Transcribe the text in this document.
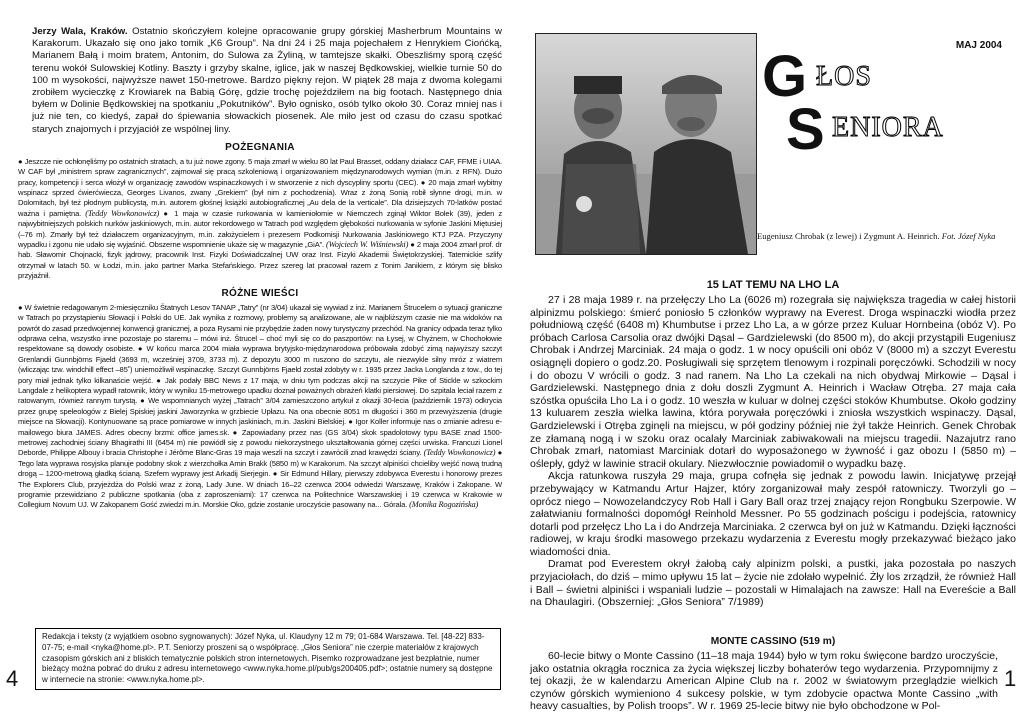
Jerzy Wala, Kraków. Ostatnio skończyłem kolejne opracowanie grupy górskiej Masherbrum Mountains w Karakorum. Ukazało się ono jako tomik „K6 Group”. Na dni 24 i 25 maja pojechałem z Henrykiem Ciońćką, Marianem Bałą i moim bratem, Antonim, do Sulowa za Żyliną, w tamtejsze skałki. Obeszliśmy sporą część terenu wokół Sulowskiej Kotliny. Baszty i grzyby skalne, iglice, jak w naszej Będkowskiej, wielkie turnie 50 do 100 m wysokości, najwyższe nawet 150-metrowe. Bardzo piękny rejon. W piątek 28 maja z dwoma kolegami zrobiłem wycieczkę z Krowiarek na Babią Górę, gdzie trochę pojeździłem na big footach. Następnego dnia byłem w Dolinie Będkowskiej na spotkaniu „Pokutników”. Było ognisko, osób tylko około 30. Coraz mniej nas i już nie ten, co kiedyś, zapał do śpiewania słowackich piosenek. Ale miło jest od czasu do czasu spotkać starych znajomych i przyjaciół ze wspólnej liny.
POŻEGNANIA
● Jeszcze nie ochłonęliśmy po ostatnich stratach, a tu już nowe zgony. 5 maja zmarł w wieku 80 lat Paul Brasset, oddany działacz CAF, FFME i UIAA. W CAF był „ministrem spraw zagranicznych”, zajmował się pracą szkoleniową i organizowaniem międzynarodowych wymian (m.in. z RFN). Dużo pracy, kompetencji i serca włożył w organizację zawodów wspinaczkowych i w stworzenie z nich dyscypliny sportu (CEC). ● 20 maja zmarł wybitny wspinacz sprzed ćwierćwiecza, Georges Livanos, zwany „Grekiem” (był nim z pochodzenia). Wraz z żoną Sonią robił słynne drogi, m.in. w Dolomitach, był też płodnym publicystą, m.in. autorem głośnej książki autobiograficznej „Au dela de la verticale”. Dla dzisiejszych 70-latków postać ważna i pamiętna. (Teddy Wowkonowicz) ● 1 maja w czasie rurkowania w kamieniołomie w Niemczech zginął Wiktor Bolek (39), jeden z najwybitniejszych polskich nurków jaskiniowych, m.in. autor rekordowego w Tatrach pod względem głębokości nurkowania w syfonie Jaskini Miętusiej (–76 m). Zmarły był też działaczem organizacyjnym, m.in. założycielem i prezesem Podkomisji Nurkowania Jaskiniowego KTJ PZA. Przyczyny wypadku i zgonu nie udało się wyjaśnić. Obszerne wspomnienie ukaże się w magazynie „GiA”. (Wojciech W. Wiśniewski) ● 2 maja 2004 zmarł prof. dr hab. Sławomir Chojnacki, fizyk jądrowy, pracownik Inst. Fizyki Doświadczalnej UW oraz Inst. Fizyki Akademii Świętokrzyskiej. Taternickie szlify otrzymał w latach 50. w Łodzi, m.in. jako partner Marka Stefańskiego. Przez szereg lat pracował razem z Tonim Janikiem, z którym się blisko przyjaźnił.
RÓŻNE WIEŚCI
● W świetnie redagowanym 2-miesięczniku Štatnych Lesov TANAP „Tatry” (nr 3/04) ukazał się wywiad z inż. Marianem Štrucelem o sytuacji graniczne w Tatrach po przystąpieniu Słowacji i Polski do UE. Jak wynika z rozmowy, problemy są analizowane, ale w najbliższym czasie nie ma widoków na powrót do zasad przedwojennej konwencji granicznej, a poza Rysami nie przybędzie żaden nowy turystyczny przechód. Na granicy odpada teraz tylko odprawa celna, wszystko inne pozostaje po staremu – mówi inż. Štrucel – choć myli się co do paszportów: na Łysej, w Chyżnem, w Chochołowie respektowane są dowody osobiste. ● W końcu marca 2004 miała wyprawa brytyjsko-międzynarodowa próbowała zdobyć zimą najwyższy szczyt Grenlandii Gunnbjörns Fjaeld (3693 m, wcześniej 3709, 3733 m). Z depozytu 3000 m ruszono do szczytu, ale niezwykle silny mróz z wiatrem (wliczając tzw. windchill effect –85˚) uniemożliwił wspinaczkę. Szczyt Gunnbjörns Fjaeld został zdobyty w r. 1935 przez Jacka Longlanda z tow., do tej pory miał jednak tylko kilkanaście wejść. ● Jak podały BBC News z 17 maja, w dniu tym podczas akcji na szczycie Pike of Stickle w szkockim Langdale z helikoptera wypadł ratownik, który w wyniku 15-metrowego upadku doznał poważnych obrażeń klatki piersiowej. Do szpitala leciał razem z ratowanym, również rannym turystą. ● We wspomnianych wyżej „Tatrach” 3/04 zamieszczono artykuł z okazji 30-lecia (październik 1973) odkrycia przez grupę speleologów z Bielej Spiskiej jaskini Jaworzynka w grzbiecie Upłazu. Na ona obecnie 8051 m długości i 360 m przewyższenia (drugie miejsce na Słowacji). Kontynuowane są prace pomiarowe w innych jaskiniach, m.in. Jaskini Bielskiej. ● Igor Koller informuje nas o zmianie adresu e-mailowego biura JAMES. Adres obecny brzmi: office james.sk. ● Zapowiadany przez nas (GS 3/04) skok spadolotowy typu BASE znad 1500-metrowej zachodniej ściany Bhagirathi III (6454 m) nie powiódł się z powodu niekorzystnego ukształtowania górnej części urwiska. Francuzi Lionel Deborde, Philippe Albouy i bracia Christophe i Jérôme Blanc-Gras 19 maja weszli na szczyt i zawrócili znad krawędzi ściany. (Teddy Wowkonowicz) ● Tego lata wyprawa rosyjska planuje podobny skok z wierzchołka Amin Brakk (5850 m) w Karakorum. Na szczyt alpiniści chcieliby wejść nową trudną drogą – 1200-metrową gładką ścianą. Szefem wyprawy jest Arkadij Sierjegin. ● Sir Edmund Hillary, pierwszy zdobywca Everestu i honorowy prezes The Explorers Club, przyjeżdża do Polski wraz z żoną, Lady June. W dniach 16–22 czerwca 2004 odwiedzi Warszawę, Kraków i Zakopane. W programie przewidziano 2 publiczne spotkania (oba z zaproszeniami): 17 czerwca na Politechnice Warszawskiej i 19 czerwca w Krakowie w Collegium Novum UJ. W Zakopanem Gość zwiedzi m.in. Morskie Oko, gdzie zostanie uroczyście pasowany na... Górala. (Monika Rogozińska)
Redakcja i teksty (z wyjątkiem osobno sygnowanych): Józef Nyka, ul. Klaudyny 12 m 79; 01-684 Warszawa. Tel. [48-22] 833-07-75; e-mail <nyka@home.pl>. P.T. Seniorzy proszeni są o współpracę. „Głos Seniora” nie czerpie materiałów z krajowych czasopism górskich ani z bliskich tematycznie polskich stron internetowych. Pisemko rozprowadzane jest bezpłatnie, numer bieżący można pobrać do druku z adresu internetowego <www.nyka.home.pl/pub/gs200405.pdf>; ostatnie numery są dostępne w internecie na stronie: <www.nyka.home.pl>.
4
MAJ 2004
G ŁOS
S ENIORA
Eugeniusz Chrobak (z lewej) i Zygmunt A. Heinrich. Fot. Józef Nyka
15 LAT TEMU NA LHO LA

27 i 28 maja 1989 r. na przełęczy Lho La (6026 m) rozegrała się największa tragedia w całej historii alpinizmu polskiego: śmierć poniosło 5 członków wyprawy na Everest. Droga wspinaczki wiodła przez południową część (6408 m) Khumbutse i przez Lho La, a w górze przez Kuluar Hornbeina (obóz V). Po próbach Carlosa Carsolia oraz dwójki Dąsal – Gardzielewski (do 8500 m), do akcji przystąpili Eugeniusz Chrobak i Andrzej Marciniak. 24 maja o godz. 1 w nocy opuścili oni obóz V (8000 m) a szczyt Everestu osiągnęli dopiero o godz.20. Posługiwali się sprzętem tlenowym i rozpinali poręczówki. Schodzili w nocy i do obozu V wrócili o godz. 3 nad ranem. Na Lho La czekali na nich obydwaj Mirkowie – Dąsal i Gardzielewski. Następnego dnia z dołu doszli Zygmunt A. Heinrich i Wacław Otręba. 27 maja cała szóstka opuściła Lho La i o godz. 10 weszła w kuluar w dolnej części stoków Khumbutse. Około godziny 13 kuluarem zeszła wielka lawina, która porywała poręczówki i zniosła wszystkich wspinaczy. Dąsal, Gardzielewski i Otręba zginęli na miejscu, w pół godziny później nie żył także Heinrich. Genek Chrobak ze złamaną nogą i w szoku oraz ocalały Marciniak zabiwakowali na miejscu tragedii. Nazajutrz rano Chrobak zmarł, natomiast Marciniak dotarł do wyposażonego w żywność i gaz obozu I (5850 m) – oślepły, gdyż w lawinie stracił okulary. Niezwłocznie powiadomił o wypadku bazę.

Akcja ratunkowa ruszyła 29 maja, grupa cofnęła się jednak z powodu lawin. Inicjatywę przejął przebywający w Katmandu Artur Hajzer, który zorganizował mały zespół ratowniczy. Tworzyli go – oprócz niego – Nowozelandczycy Rob Hall i Gary Ball oraz trzej znający rejon Rongbuku Szerpowie. W załatwianiu formalności dopomógł Reinhold Messner. Po 55 godzinach pościgu i podejścia, ratownicy dotarli pod przełęcz Lho La i do Andrzeja Marciniaka. 2 czerwca był on już w Katmandu. Dzięki łączności radiowej, w kraju środki masowego przekazu wydarzenia z Everestu mogły przekazywać bieżąco jako wiadomości dnia.

Dramat pod Everestem okrył żałobą cały alpinizm polski, a pustki, jaka pozostała po naszych przyjaciołach, do dziś – mimo upływu 15 lat – życie nie zdołało wypełnić. Żły los zrządził, że również Hall i Ball – świetni alpiniści i wspaniali ludzie – pozostali w Himalajach na zawsze: Hall na Evereście a Ball na Dhaulagiri. (Obszerniej: „Głos Seniora” 7/1989)

MONTE CASSINO (519 m)
60-lecie bitwy o Monte Cassino (11–18 maja 1944) było w tym roku święcone bardzo uroczyście, jako ostatnia okrągła rocznica za życia większej liczby bohaterów tego wydarzenia. Przypomnijmy z tej okazji, że w kalendarzu American Alpine Club na r. 2002 w światowym przeglądzie wielkich czynów górskich wymieniono 4 sukcesy polskie, w tym zdobycie opactwa Monte Cassino „with heavy casualties, by Polish troops”. W r. 1969 25-lecie bitwy nie było obchodzone w Pol-
1
